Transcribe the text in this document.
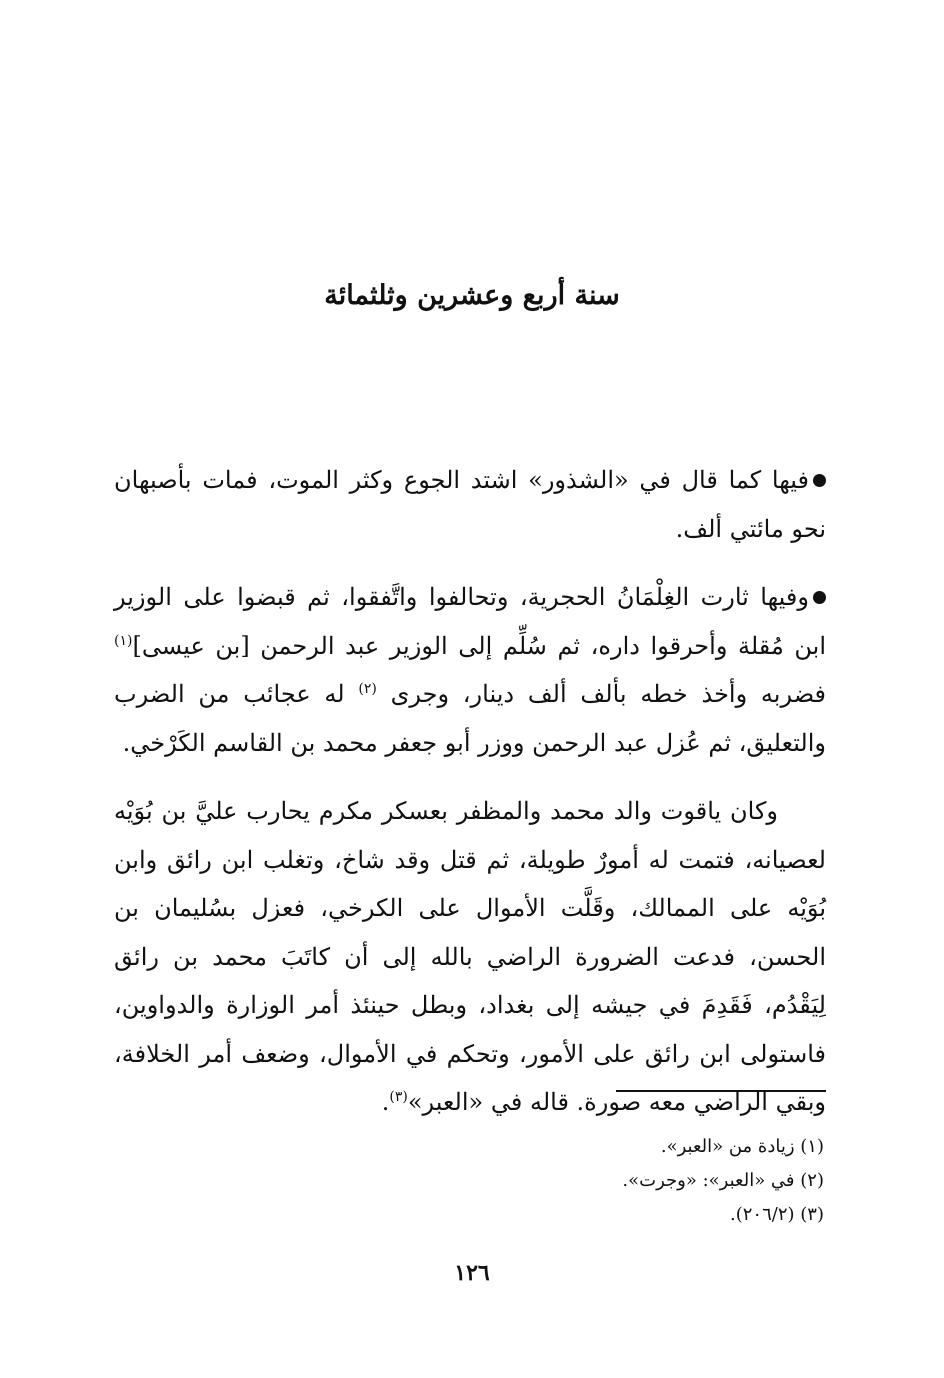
سنة أربع وعشرين وثلثمائة

فيها كما قال في «الشذور» اشتد الجوع وكثر الموت، فمات بأصبهان نحو مائتي ألف.

وفيها ثارت الغِلْمَانُ الحجرية، وتحالفوا واتَّفقوا، ثم قبضوا على الوزير ابن مُقلة وأحرقوا داره، ثم سُلِّم إلى الوزير عبد الرحمن [بن عيسى]$^{(١)}$ فضربه وأخذ خطه بألف ألف دينار، وجرى $^{(٢)}$ له عجائب من الضرب والتعليق، ثم عُزل عبد الرحمن ووزر أبو جعفر محمد بن القاسم الكَرْخي.

وكان ياقوت والد محمد والمظفر بعسكر مكرم يحارب عليَّ بن بُوَيْه لعصيانه، فتمت له أمورٌ طويلة، ثم قتل وقد شاخ، وتغلب ابن رائق وابن بُوَيْه على الممالك، وقَلَّت الأموال على الكرخي، فعزل بسُليمان بن الحسن، فدعت الضرورة الراضي بالله إلى أن كاتَبَ محمد بن رائق لِيَقْدُم، فَقَدِمَ في جيشه إلى بغداد، وبطل حينئذ أمر الوزارة والدواوين، فاستولى ابن رائق على الأمور، وتحكم في الأموال، وضعف أمر الخلافة، وبقي الراضي معه صورة. قاله في «العبر»$^{(٣)}$.

(١) زيادة من «العبر».

(٢) في «العبر»: «وجرت».

(٣) (٢٠٦/٢).

١٢٦
